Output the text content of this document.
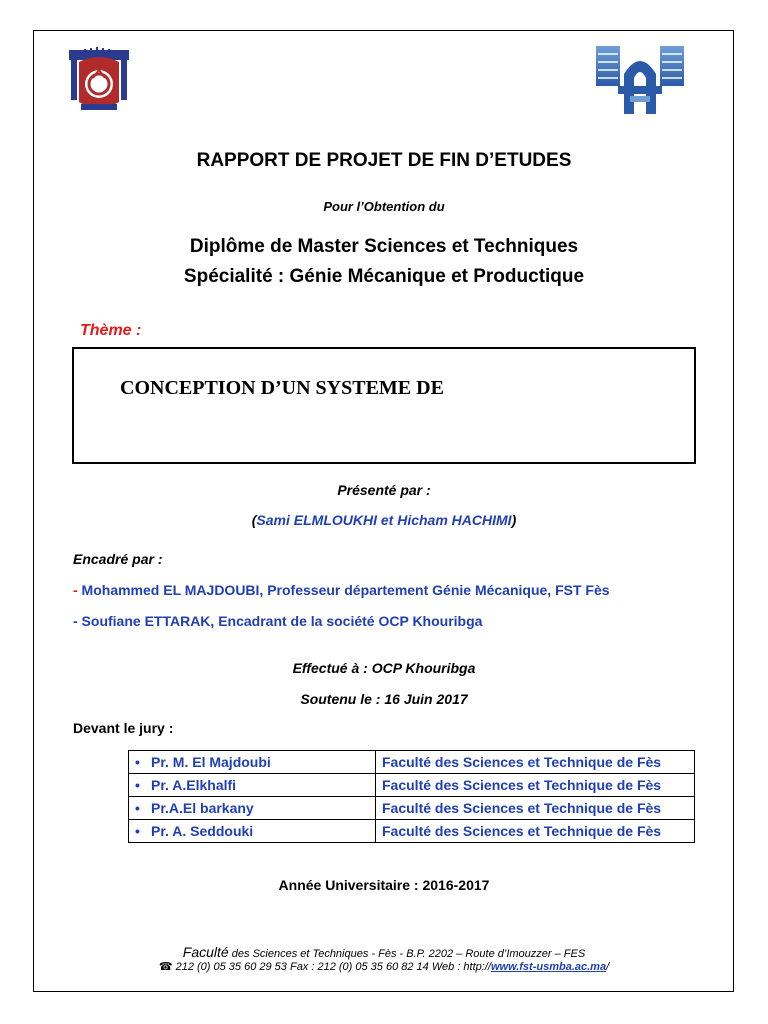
RAPPORT DE PROJET DE FIN D’ETUDES
Pour l’Obtention du
Diplôme de Master Sciences et Techniques
Spécialité : Génie Mécanique et Productique
Thème :
CONCEPTION D’UN SYSTEME DE
Présenté par :
(Sami ELMLOUKHI et Hicham HACHIMI)
Encadré par :
- Mohammed EL MAJDOUBI, Professeur département Génie Mécanique, FST Fès
- Soufiane ETTARAK, Encadrant de la société OCP Khouribga
Effectué à : OCP Khouribga
Soutenu le : 16 Juin 2017
Devant le jury :
• Pr. M. El Majdoubi	Faculté des Sciences et Technique de Fès
• Pr. A.Elkhalfi	Faculté des Sciences et Technique de Fès
• Pr.A.El barkany	Faculté des Sciences et Technique de Fès
• Pr. A. Seddouki	Faculté des Sciences et Technique de Fès
Année Universitaire : 2016-2017
Faculté des Sciences et Techniques - Fès - B.P. 2202 – Route d’Imouzzer – FES
☎ 212 (0) 05 35 60 29 53 Fax : 212 (0) 05 35 60 82 14 Web : http://www.fst-usmba.ac.ma/
